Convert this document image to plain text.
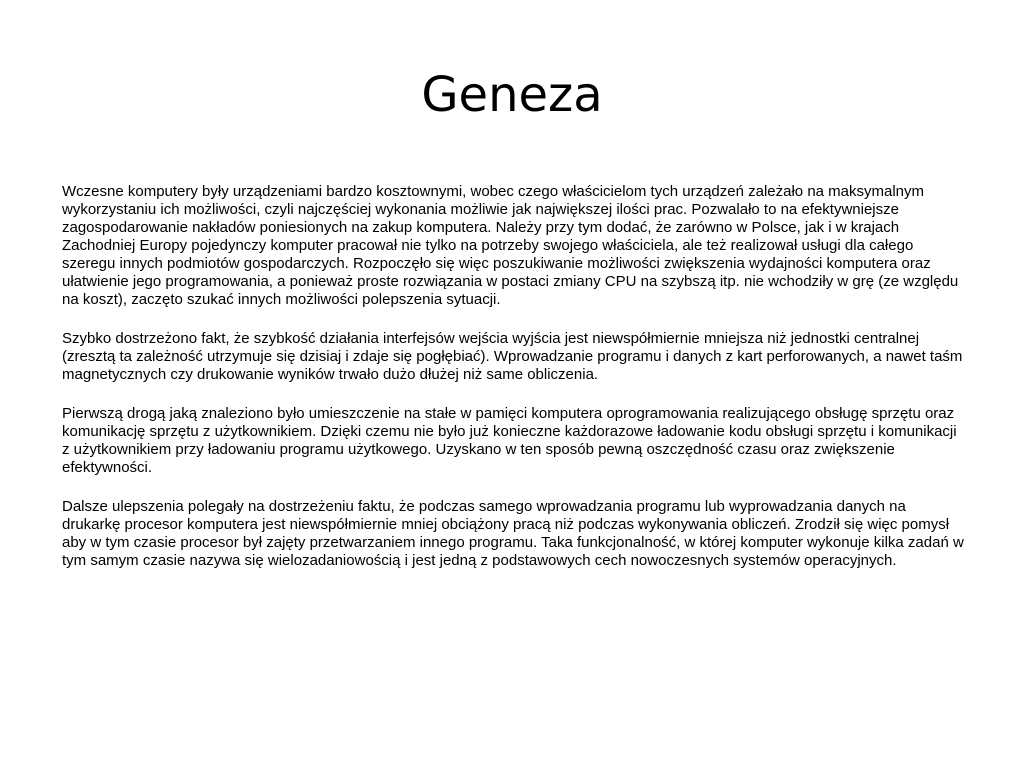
Geneza

Wczesne komputery były urządzeniami bardzo kosztownymi, wobec czego właścicielom tych urządzeń zależało na maksymalnym wykorzystaniu ich możliwości, czyli najczęściej wykonania możliwie jak największej ilości prac. Pozwalało to na efektywniejsze zagospodarowanie nakładów poniesionych na zakup komputera. Należy przy tym dodać, że zarówno w Polsce, jak i w krajach Zachodniej Europy pojedynczy komputer pracował nie tylko na potrzeby swojego właściciela, ale też realizował usługi dla całego szeregu innych podmiotów gospodarczych. Rozpoczęło się więc poszukiwanie możliwości zwiększenia wydajności komputera oraz ułatwienie jego programowania, a ponieważ proste rozwiązania w postaci zmiany CPU na szybszą itp. nie wchodziły w grę (ze względu na koszt), zaczęto szukać innych możliwości polepszenia sytuacji.

Szybko dostrzeżono fakt, że szybkość działania interfejsów wejścia wyjścia jest niewspółmiernie mniejsza niż jednostki centralnej (zresztą ta zależność utrzymuje się dzisiaj i zdaje się pogłębiać). Wprowadzanie programu i danych z kart perforowanych, a nawet taśm magnetycznych czy drukowanie wyników trwało dużo dłużej niż same obliczenia.

Pierwszą drogą jaką znaleziono było umieszczenie na stałe w pamięci komputera oprogramowania realizującego obsługę sprzętu oraz komunikację sprzętu z użytkownikiem. Dzięki czemu nie było już konieczne każdorazowe ładowanie kodu obsługi sprzętu i komunikacji z użytkownikiem przy ładowaniu programu użytkowego. Uzyskano w ten sposób pewną oszczędność czasu oraz zwiększenie efektywności.

Dalsze ulepszenia polegały na dostrzeżeniu faktu, że podczas samego wprowadzania programu lub wyprowadzania danych na drukarkę procesor komputera jest niewspółmiernie mniej obciążony pracą niż podczas wykonywania obliczeń. Zrodził się więc pomysł aby w tym czasie procesor był zajęty przetwarzaniem innego programu. Taka funkcjonalność, w której komputer wykonuje kilka zadań w tym samym czasie nazywa się wielozadaniowością i jest jedną z podstawowych cech nowoczesnych systemów operacyjnych.
